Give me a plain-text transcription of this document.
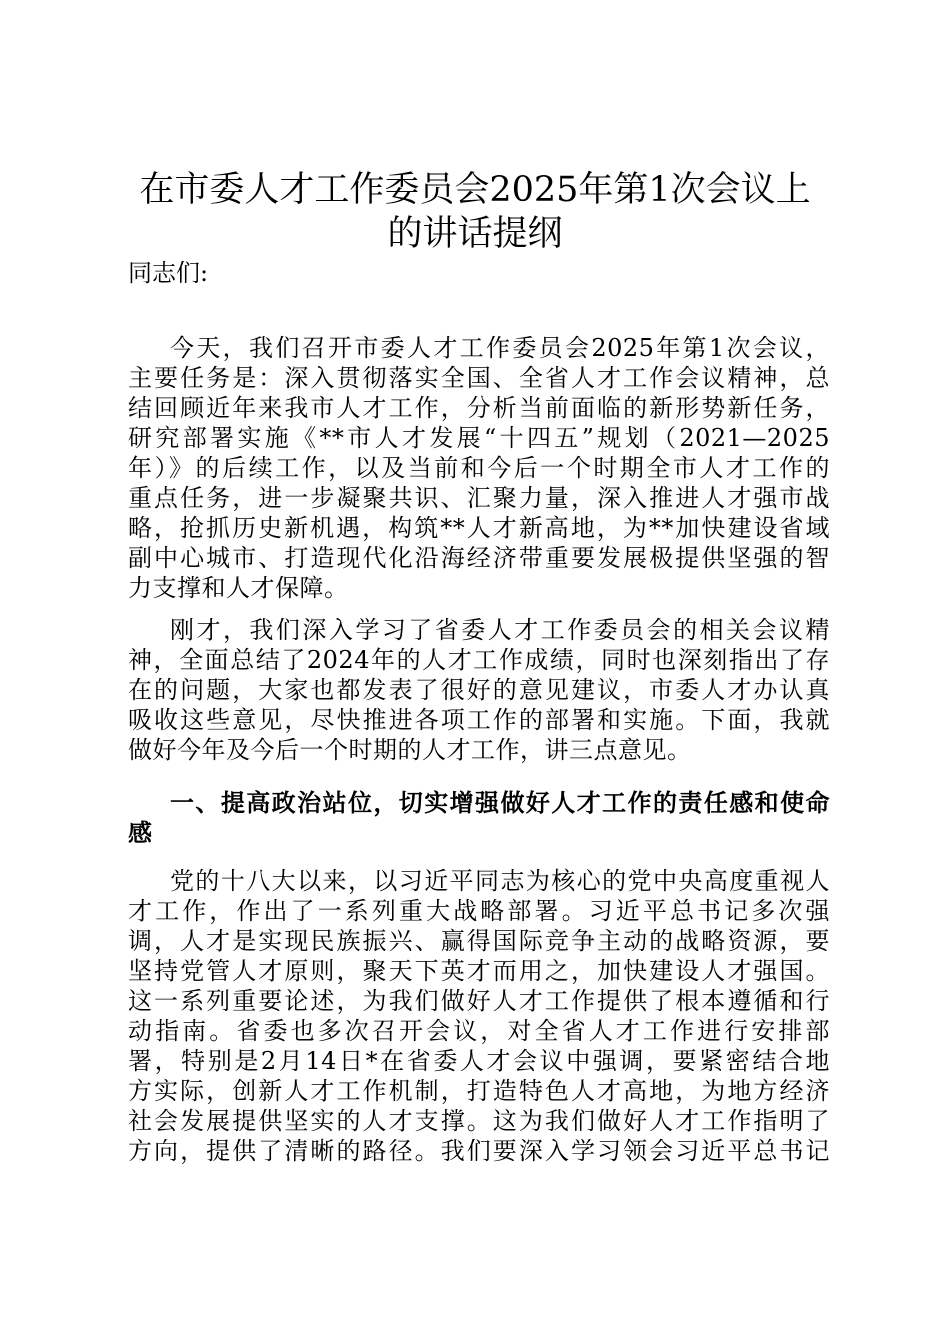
在市委人才工作委员会2025年第1次会议上
的讲话提纲

同志们:

今天，我们召开市委人才工作委员会2025年第1次会议，
主要任务是：深入贯彻落实全国、全省人才工作会议精神，总
结回顾近年来我市人才工作，分析当前面临的新形势新任务，
研究部署实施《**市人才发展“十四五”规划（2021—2025
年）》的后续工作，以及当前和今后一个时期全市人才工作的
重点任务，进一步凝聚共识、汇聚力量，深入推进人才强市战
略，抢抓历史新机遇，构筑**人才新高地，为**加快建设省域
副中心城市、打造现代化沿海经济带重要发展极提供坚强的智
力支撑和人才保障。
刚才，我们深入学习了省委人才工作委员会的相关会议精
神，全面总结了2024年的人才工作成绩，同时也深刻指出了存
在的问题，大家也都发表了很好的意见建议，市委人才办认真
吸收这些意见，尽快推进各项工作的部署和实施。下面，我就
做好今年及今后一个时期的人才工作，讲三点意见。
一、提高政治站位，切实增强做好人才工作的责任感和使命
感
党的十八大以来，以习近平同志为核心的党中央高度重视人
才工作，作出了一系列重大战略部署。习近平总书记多次强
调，人才是实现民族振兴、赢得国际竞争主动的战略资源，要
坚持党管人才原则，聚天下英才而用之，加快建设人才强国。
这一系列重要论述，为我们做好人才工作提供了根本遵循和行
动指南。省委也多次召开会议，对全省人才工作进行安排部
署，特别是2月14日*在省委人才会议中强调，要紧密结合地
方实际，创新人才工作机制，打造特色人才高地，为地方经济
社会发展提供坚实的人才支撑。这为我们做好人才工作指明了
方向，提供了清晰的路径。我们要深入学习领会习近平总书记
